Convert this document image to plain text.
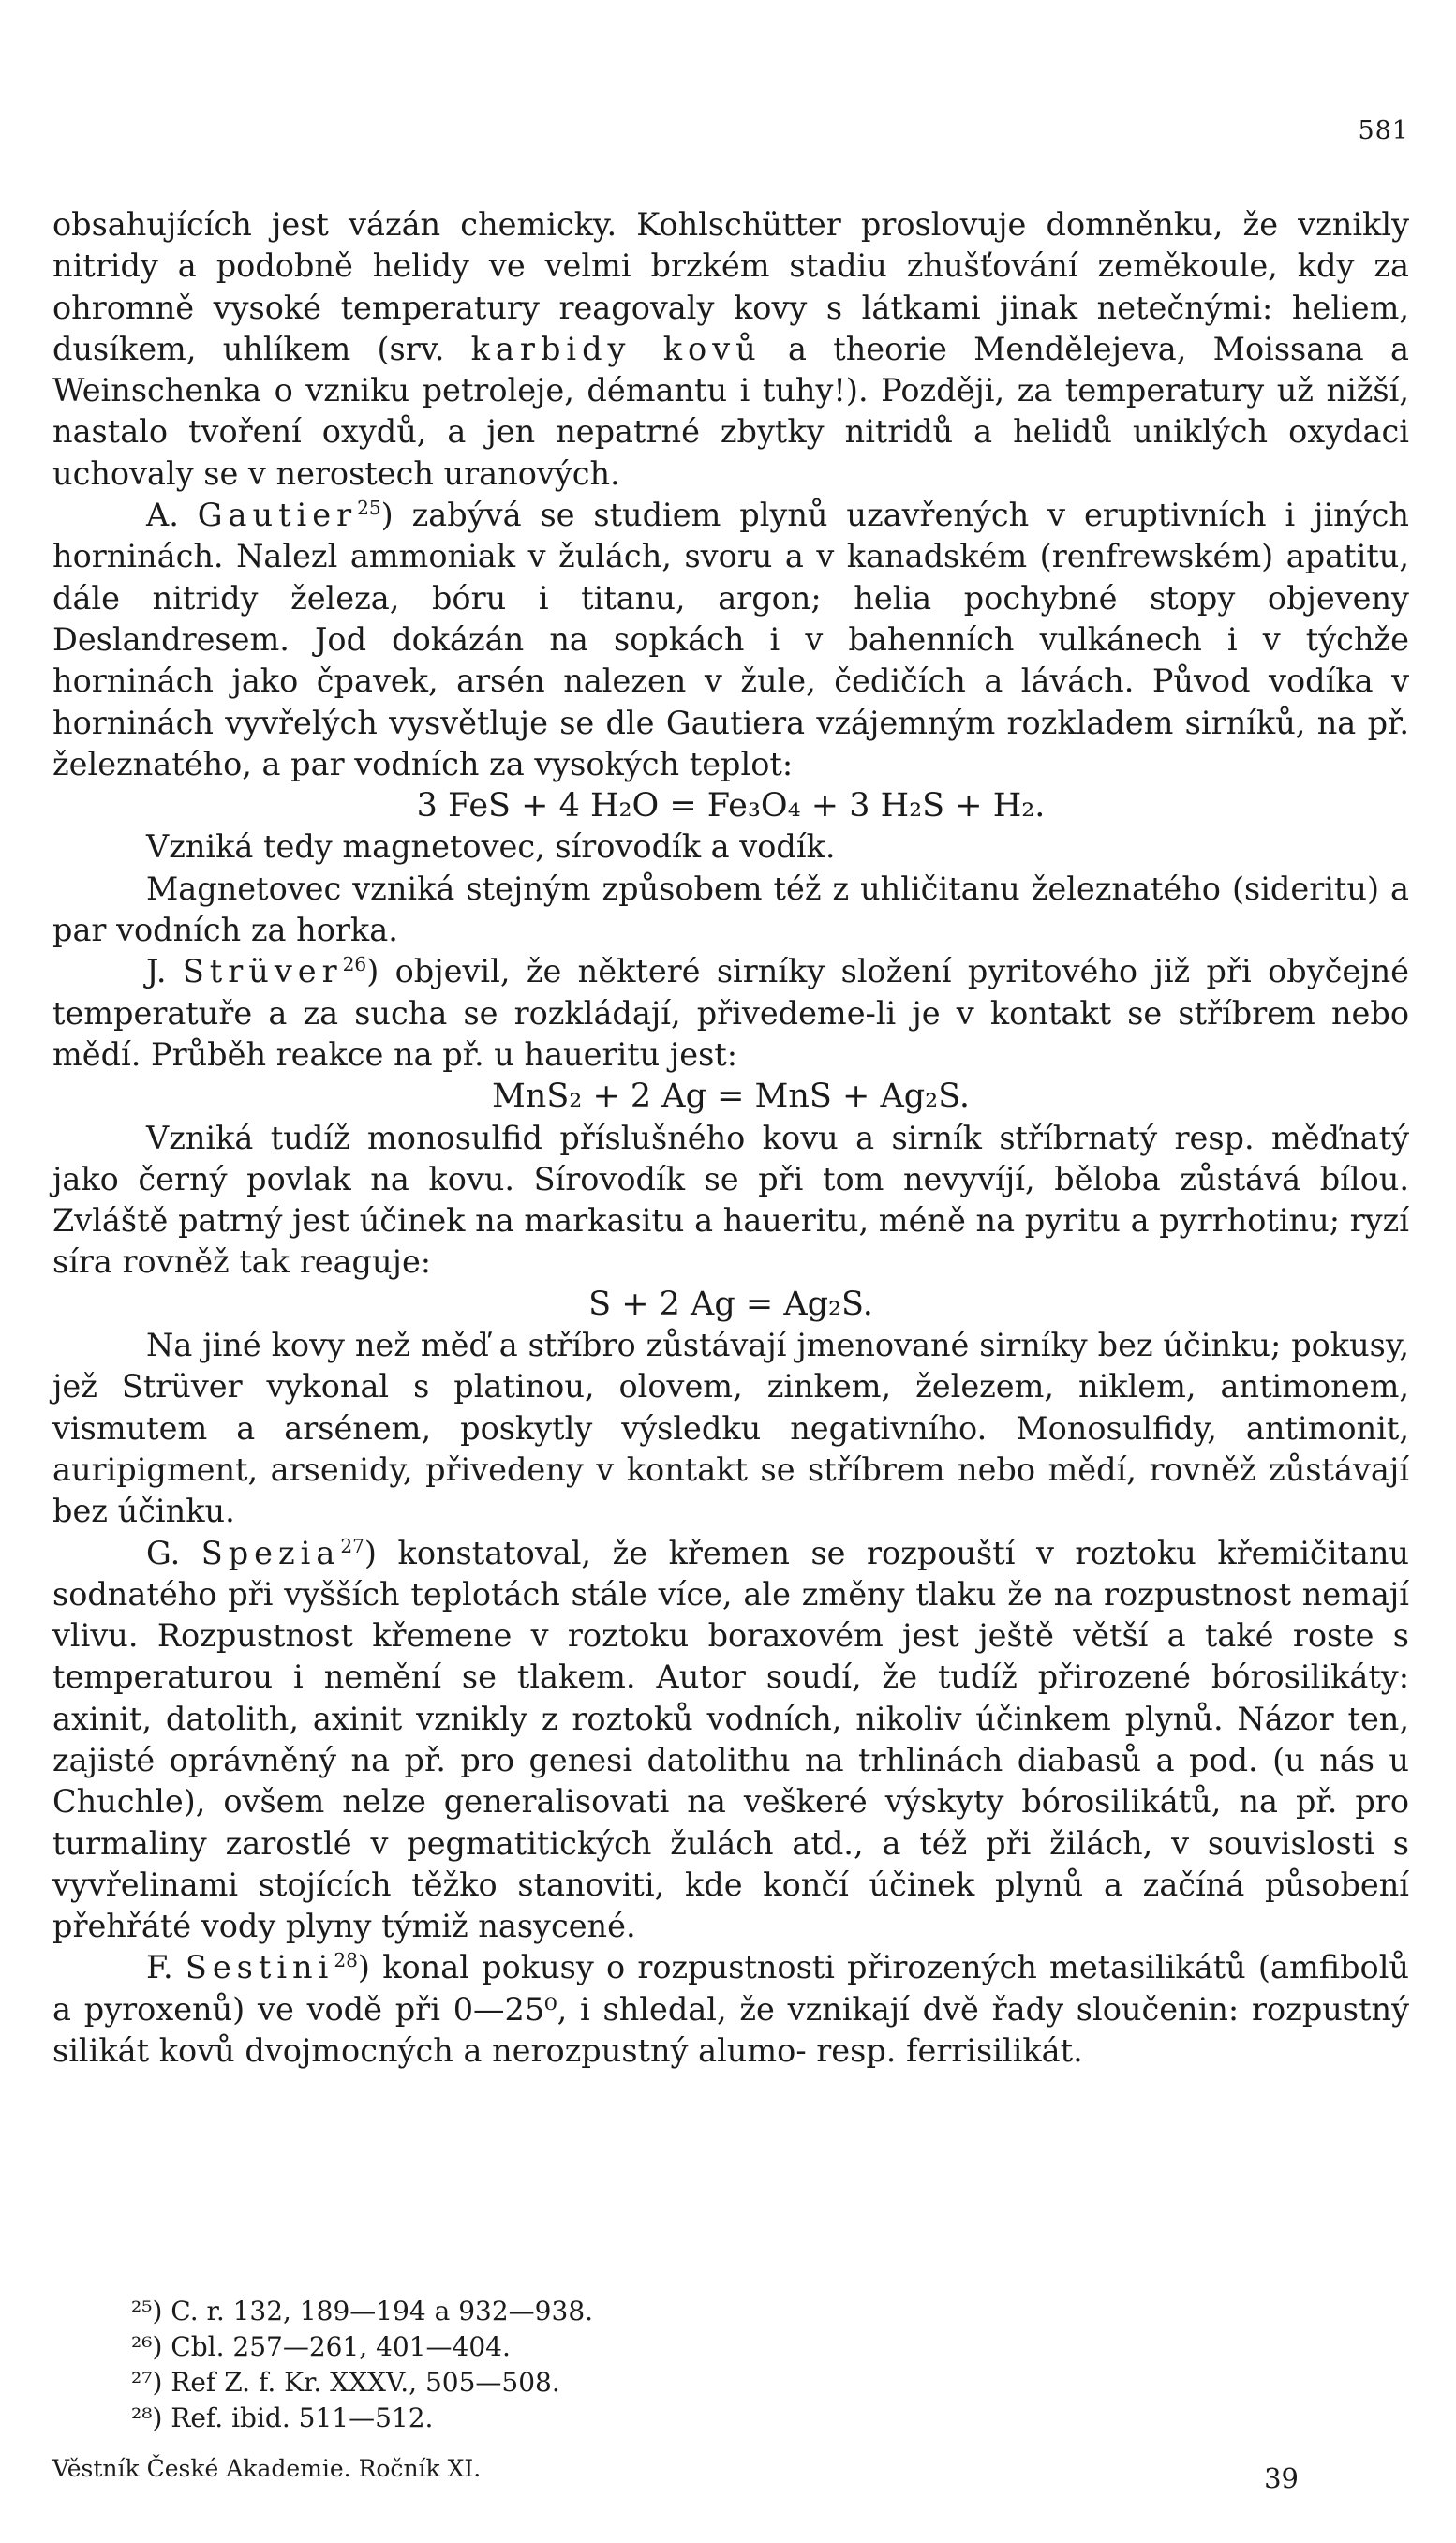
581

obsahujících jest vázán chemicky. Kohlschütter proslovuje domněnku, že vznikly nitridy a podobně helidy ve velmi brzkém stadiu zhušťování zeměkoule, kdy za ohromně vysoké temperatury reagovaly kovy s látkami jinak netečnými: heliem, dusíkem, uhlíkem (srv. karbidy kovů a theorie Mendělejeva, Moissana a Weinschenka o vzniku petroleje, démantu i tuhy!). Později, za temperatury už nižší, nastalo tvoření oxydů, a jen nepatrné zbytky nitridů a helidů uniklých oxydaci uchovaly se v nerostech uranových.

A. Gautier$^{25}$) zabývá se studiem plynů uzavřených v eruptivních i jiných horninách. Nalezl ammoniak v žulách, svoru a v kanadském (renfrewském) apatitu, dále nitridy železa, bóru i titanu, argon; helia pochybné stopy objeveny Deslandresem. Jod dokázán na sopkách i v bahenních vulkánech i v týchže horninách jako čpavek, arsén nalezen v žule, čedičích a lávách. Původ vodíka v horninách vyvřelých vysvětluje se dle Gautiera vzájemným rozkladem sirníků, na př. železnatého, a par vodních za vysokých teplot:

3 FeS + 4 H₂O = Fe₃O₄ + 3 H₂S + H₂.

Vzniká tedy magnetovec, sírovodík a vodík.

Magnetovec vzniká stejným způsobem též z uhličitanu železnatého (sideritu) a par vodních za horka.

J. Strüver$^{26}$) objevil, že některé sirníky složení pyritového již při obyčejné temperatuře a za sucha se rozkládají, přivedeme-li je v kontakt se stříbrem nebo mědí. Průběh reakce na př. u haueritu jest:

MnS₂ + 2 Ag = MnS + Ag₂S.

Vzniká tudíž monosulfid příslušného kovu a sirník stříbrnatý resp. měďnatý jako černý povlak na kovu. Sírovodík se při tom nevyvíjí, běloba zůstává bílou. Zvláště patrný jest účinek na markasitu a haueritu, méně na pyritu a pyrrhotinu; ryzí síra rovněž tak reaguje:

S + 2 Ag = Ag₂S.

Na jiné kovy než měď a stříbro zůstávají jmenované sirníky bez účinku; pokusy, jež Strüver vykonal s platinou, olovem, zinkem, železem, niklem, antimonem, vismutem a arsénem, poskytly výsledku negativního. Monosulfidy, antimonit, auripigment, arsenidy, přivedeny v kontakt se stříbrem nebo mědí, rovněž zůstávají bez účinku.

G. Spezia$^{27}$) konstatoval, že křemen se rozpouští v roztoku křemičitanu sodnatého při vyšších teplotách stále více, ale změny tlaku že na rozpustnost nemají vlivu. Rozpustnost křemene v roztoku boraxovém jest ještě větší a také roste s temperaturou i nemění se tlakem. Autor soudí, že tudíž přirozené bórosilikáty: axinit, datolith, axinit vznikly z roztoků vodních, nikoliv účinkem plynů. Názor ten, zajisté oprávněný na př. pro genesi datolithu na trhlinách diabasů a pod. (u nás u Chuchle), ovšem nelze generalisovati na veškeré výskyty bórosilikátů, na př. pro turmaliny zarostlé v pegmatitických žulách atd., a též při žilách, v souvislosti s vyvřelinami stojících těžko stanoviti, kde končí účinek plynů a začíná působení přehřáté vody plyny týmiž nasycené.

F. Sestini$^{28}$) konal pokusy o rozpustnosti přirozených metasilikátů (amfibolů a pyroxenů) ve vodě při 0—25⁰, i shledal, že vznikají dvě řady sloučenin: rozpustný silikát kovů dvojmocných a nerozpustný alumo- resp. ferrisilikát.

²⁵) C. r. 132, 189—194 a 932—938.
²⁶) Cbl. 257—261, 401—404.
²⁷) Ref Z. f. Kr. XXXV., 505—508.
²⁸) Ref. ibid. 511—512.
Věstník České Akademie. Ročník XI.	39
